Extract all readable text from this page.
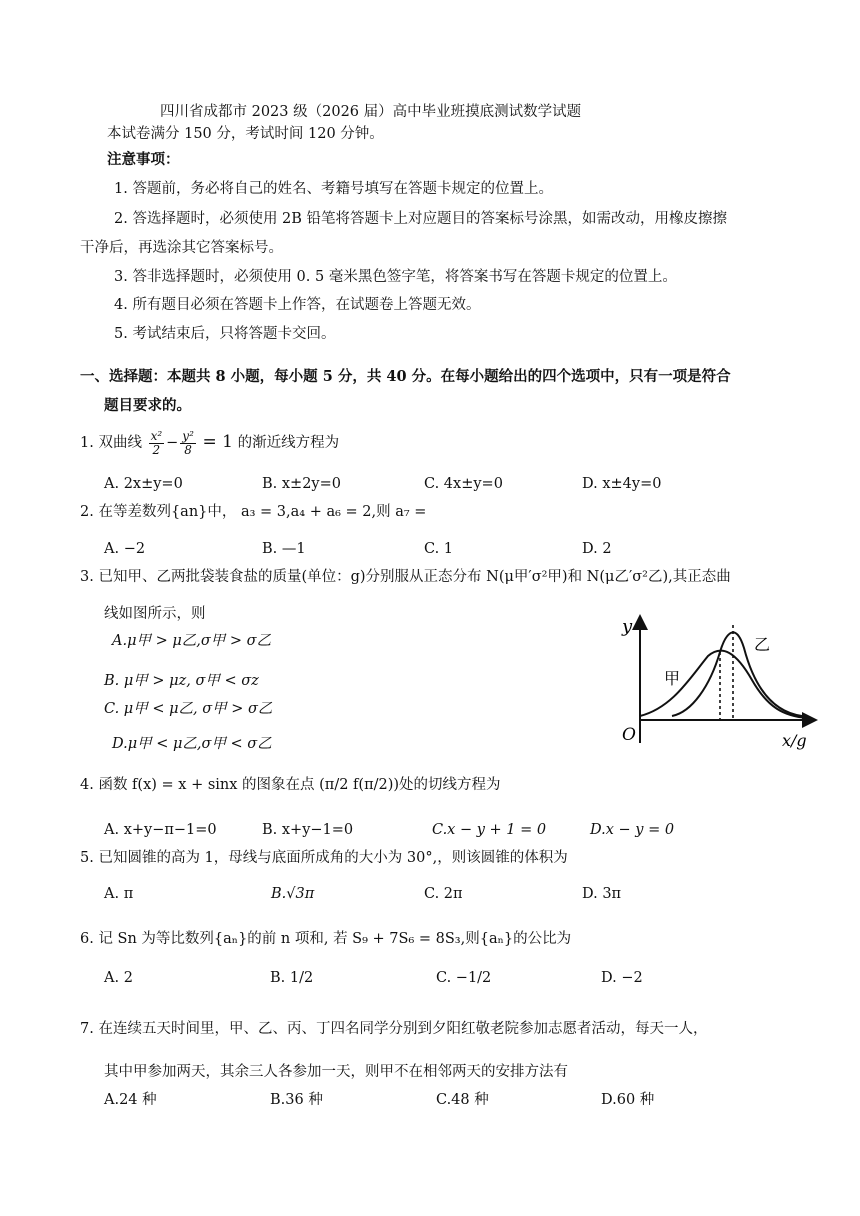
四川省成都市 2023 级（2026 届）高中毕业班摸底测试数学试题
本试卷满分 150 分，考试时间 120 分钟。
注意事项：
1. 答题前，务必将自己的姓名、考籍号填写在答题卡规定的位置上。
2. 答选择题时，必须使用 2B 铅笔将答题卡上对应题目的答案标号涂黑，如需改动，用橡皮擦擦
干净后，再选涂其它答案标号。
3. 答非选择题时，必须使用 0. 5 毫米黑色签字笔，将答案书写在答题卡规定的位置上。
4. 所有题目必须在答题卡上作答，在试题卷上答题无效。
5. 考试结束后，只将答题卡交回。
一、选择题：本题共 8 小题，每小题 5 分，共 40 分。在每小题给出的四个选项中，只有一项是符合
题目要求的。
1. 双曲线 $\frac{\text{x²}}{2} - \frac{\text{y²}}{8} = 1$ 的渐近线方程为
A. 2x±y=0	B. x±2y=0	C. 4x±y=0	D. x±4y=0
2. 在等差数列{an}中， a₃ = 3,a₄ + a₆ = 2,则 a₇ =
A. −2	B. —1	C. 1	D. 2
3. 已知甲、乙两批袋装食盐的质量(单位：g)分别服从正态分布 N(μ甲′σ²甲)和 N(μ乙′σ²乙),其正态曲
线如图所示，则
A.μ甲 > μ乙,σ甲 > σ乙
B. μ甲 > μz, σ甲 < σz
C. μ甲 < μ乙, σ甲 > σ乙
D.μ甲 < μ乙,σ甲 < σ乙
y
O	x/g
甲
乙
4. 函数 f(x) = x + sinx 的图象在点 (π/2 f(π/2))处的切线方程为
A. x+y−π−1=0	B. x+y−1=0	C.x − y + 1 = 0	D.x − y = 0
5. 已知圆锥的高为 1，母线与底面所成角的大小为 30°,，则该圆锥的体积为
A. π	B.√3π	C. 2π	D. 3π
6. 记 Sn 为等比数列{aₙ}的前 n 项和, 若 S₉ + 7S₆ = 8S₃,则{aₙ}的公比为
A. 2	B. 1/2	C. −1/2	D. −2
7. 在连续五天时间里，甲、乙、丙、丁四名同学分别到夕阳红敬老院参加志愿者活动，每天一人，
其中甲参加两天，其余三人各参加一天，则甲不在相邻两天的安排方法有
A.24 种	B.36 种	C.48 种	D.60 种
